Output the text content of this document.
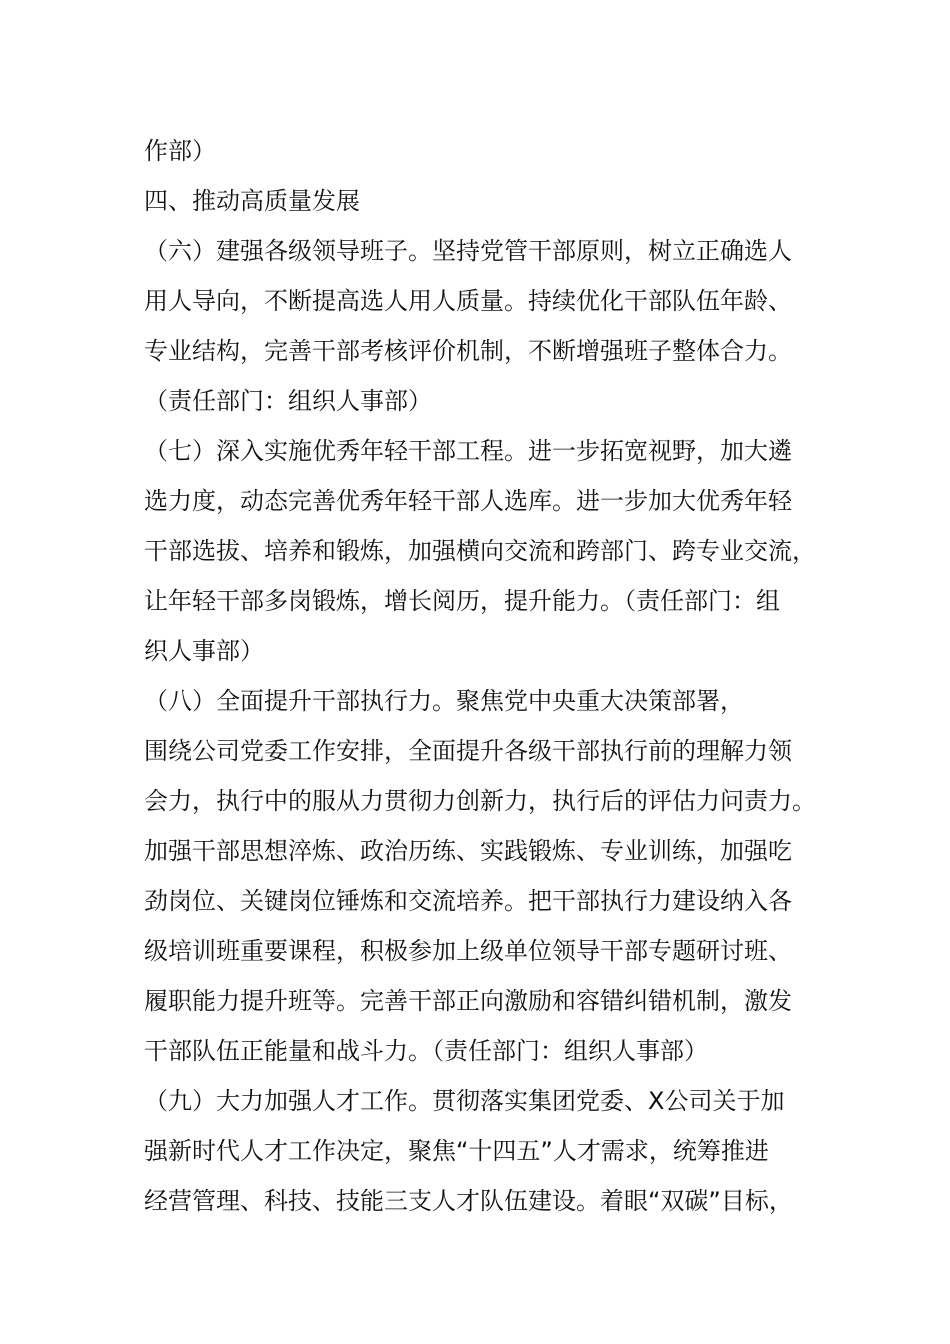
作部）
四、推动高质量发展
（六）建强各级领导班子。坚持党管干部原则，树立正确选人
用人导向，不断提高选人用人质量。持续优化干部队伍年龄、
专业结构，完善干部考核评价机制，不断增强班子整体合力。
（责任部门：组织人事部）
（七）深入实施优秀年轻干部工程。进一步拓宽视野，加大遴
选力度，动态完善优秀年轻干部人选库。进一步加大优秀年轻
干部选拔、培养和锻炼，加强横向交流和跨部门、跨专业交流，
让年轻干部多岗锻炼，增长阅历，提升能力。（责任部门：组
织人事部）
（八）全面提升干部执行力。聚焦党中央重大决策部署，
围绕公司党委工作安排，全面提升各级干部执行前的理解力领
会力，执行中的服从力贯彻力创新力，执行后的评估力问责力。
加强干部思想淬炼、政治历练、实践锻炼、专业训练，加强吃
劲岗位、关键岗位锤炼和交流培养。把干部执行力建设纳入各
级培训班重要课程，积极参加上级单位领导干部专题研讨班、
履职能力提升班等。完善干部正向激励和容错纠错机制，激发
干部队伍正能量和战斗力。（责任部门：组织人事部）
（九）大力加强人才工作。贯彻落实集团党委、X公司关于加
强新时代人才工作决定，聚焦“十四五”人才需求，统筹推进
经营管理、科技、技能三支人才队伍建设。着眼“双碳”目标，
